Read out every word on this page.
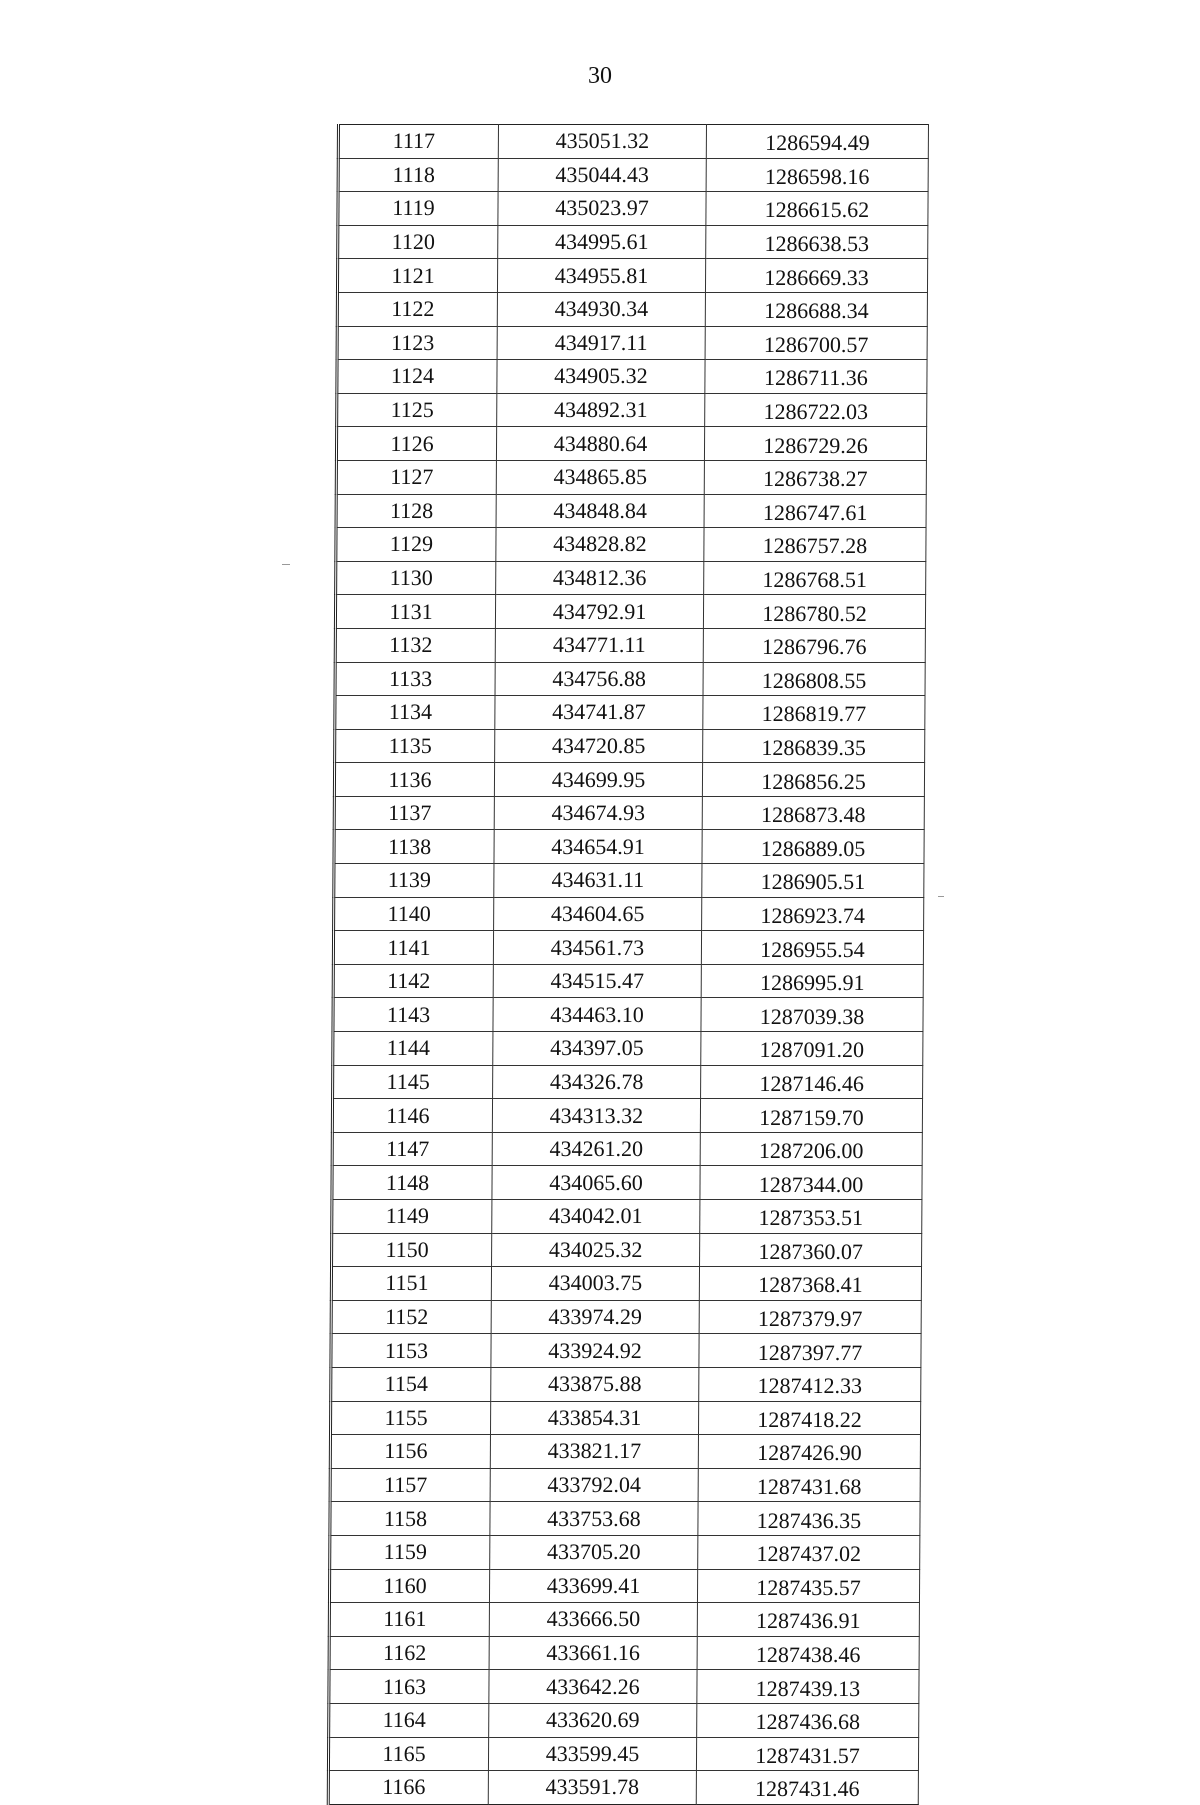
30
1117	435051.32	1286594.49
1118	435044.43	1286598.16
1119	435023.97	1286615.62
1120	434995.61	1286638.53
1121	434955.81	1286669.33
1122	434930.34	1286688.34
1123	434917.11	1286700.57
1124	434905.32	1286711.36
1125	434892.31	1286722.03
1126	434880.64	1286729.26
1127	434865.85	1286738.27
1128	434848.84	1286747.61
1129	434828.82	1286757.28
1130	434812.36	1286768.51
1131	434792.91	1286780.52
1132	434771.11	1286796.76
1133	434756.88	1286808.55
1134	434741.87	1286819.77
1135	434720.85	1286839.35
1136	434699.95	1286856.25
1137	434674.93	1286873.48
1138	434654.91	1286889.05
1139	434631.11	1286905.51
1140	434604.65	1286923.74
1141	434561.73	1286955.54
1142	434515.47	1286995.91
1143	434463.10	1287039.38
1144	434397.05	1287091.20
1145	434326.78	1287146.46
1146	434313.32	1287159.70
1147	434261.20	1287206.00
1148	434065.60	1287344.00
1149	434042.01	1287353.51
1150	434025.32	1287360.07
1151	434003.75	1287368.41
1152	433974.29	1287379.97
1153	433924.92	1287397.77
1154	433875.88	1287412.33
1155	433854.31	1287418.22
1156	433821.17	1287426.90
1157	433792.04	1287431.68
1158	433753.68	1287436.35
1159	433705.20	1287437.02
1160	433699.41	1287435.57
1161	433666.50	1287436.91
1162	433661.16	1287438.46
1163	433642.26	1287439.13
1164	433620.69	1287436.68
1165	433599.45	1287431.57
1166	433591.78	1287431.46
